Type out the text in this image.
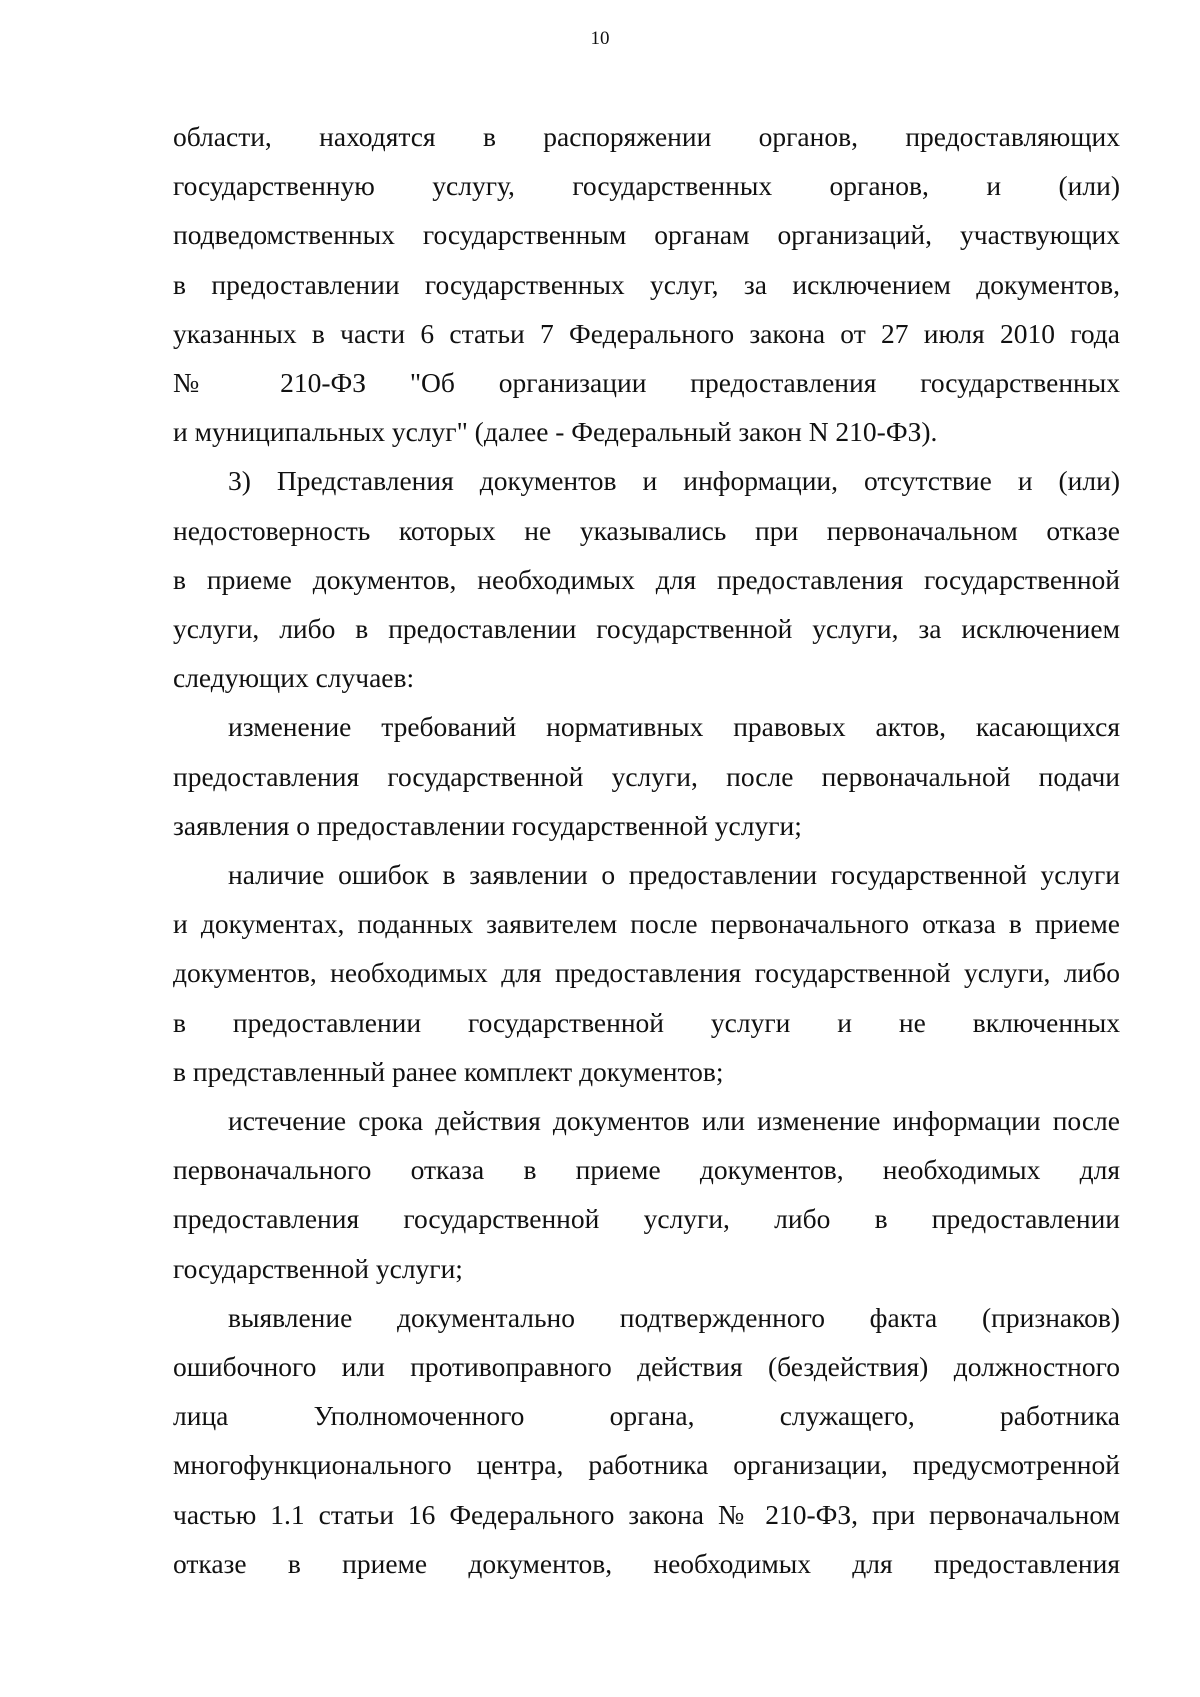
10
области, находятся в распоряжении органов, предоставляющих
государственную услугу, государственных органов, и (или)
подведомственных государственным органам организаций, участвующих
в предоставлении государственных услуг, за исключением документов,
указанных в части 6 статьи 7 Федерального закона от 27 июля 2010 года
№ 210-ФЗ "Об организации предоставления государственных
и муниципальных услуг" (далее - Федеральный закон N 210-ФЗ).
3) Представления документов и информации, отсутствие и (или)
недостоверность которых не указывались при первоначальном отказе
в приеме документов, необходимых для предоставления государственной
услуги, либо в предоставлении государственной услуги, за исключением
следующих случаев:
изменение требований нормативных правовых актов, касающихся
предоставления государственной услуги, после первоначальной подачи
заявления о предоставлении государственной услуги;
наличие ошибок в заявлении о предоставлении государственной услуги
и документах, поданных заявителем после первоначального отказа в приеме
документов, необходимых для предоставления государственной услуги, либо
в предоставлении государственной услуги и не включенных
в представленный ранее комплект документов;
истечение срока действия документов или изменение информации после
первоначального отказа в приеме документов, необходимых для
предоставления государственной услуги, либо в предоставлении
государственной услуги;
выявление документально подтвержденного факта (признаков)
ошибочного или противоправного действия (бездействия) должностного
лица Уполномоченного органа, служащего, работника
многофункционального центра, работника организации, предусмотренной
частью 1.1 статьи 16 Федерального закона № 210-ФЗ, при первоначальном
отказе в приеме документов, необходимых для предоставления
